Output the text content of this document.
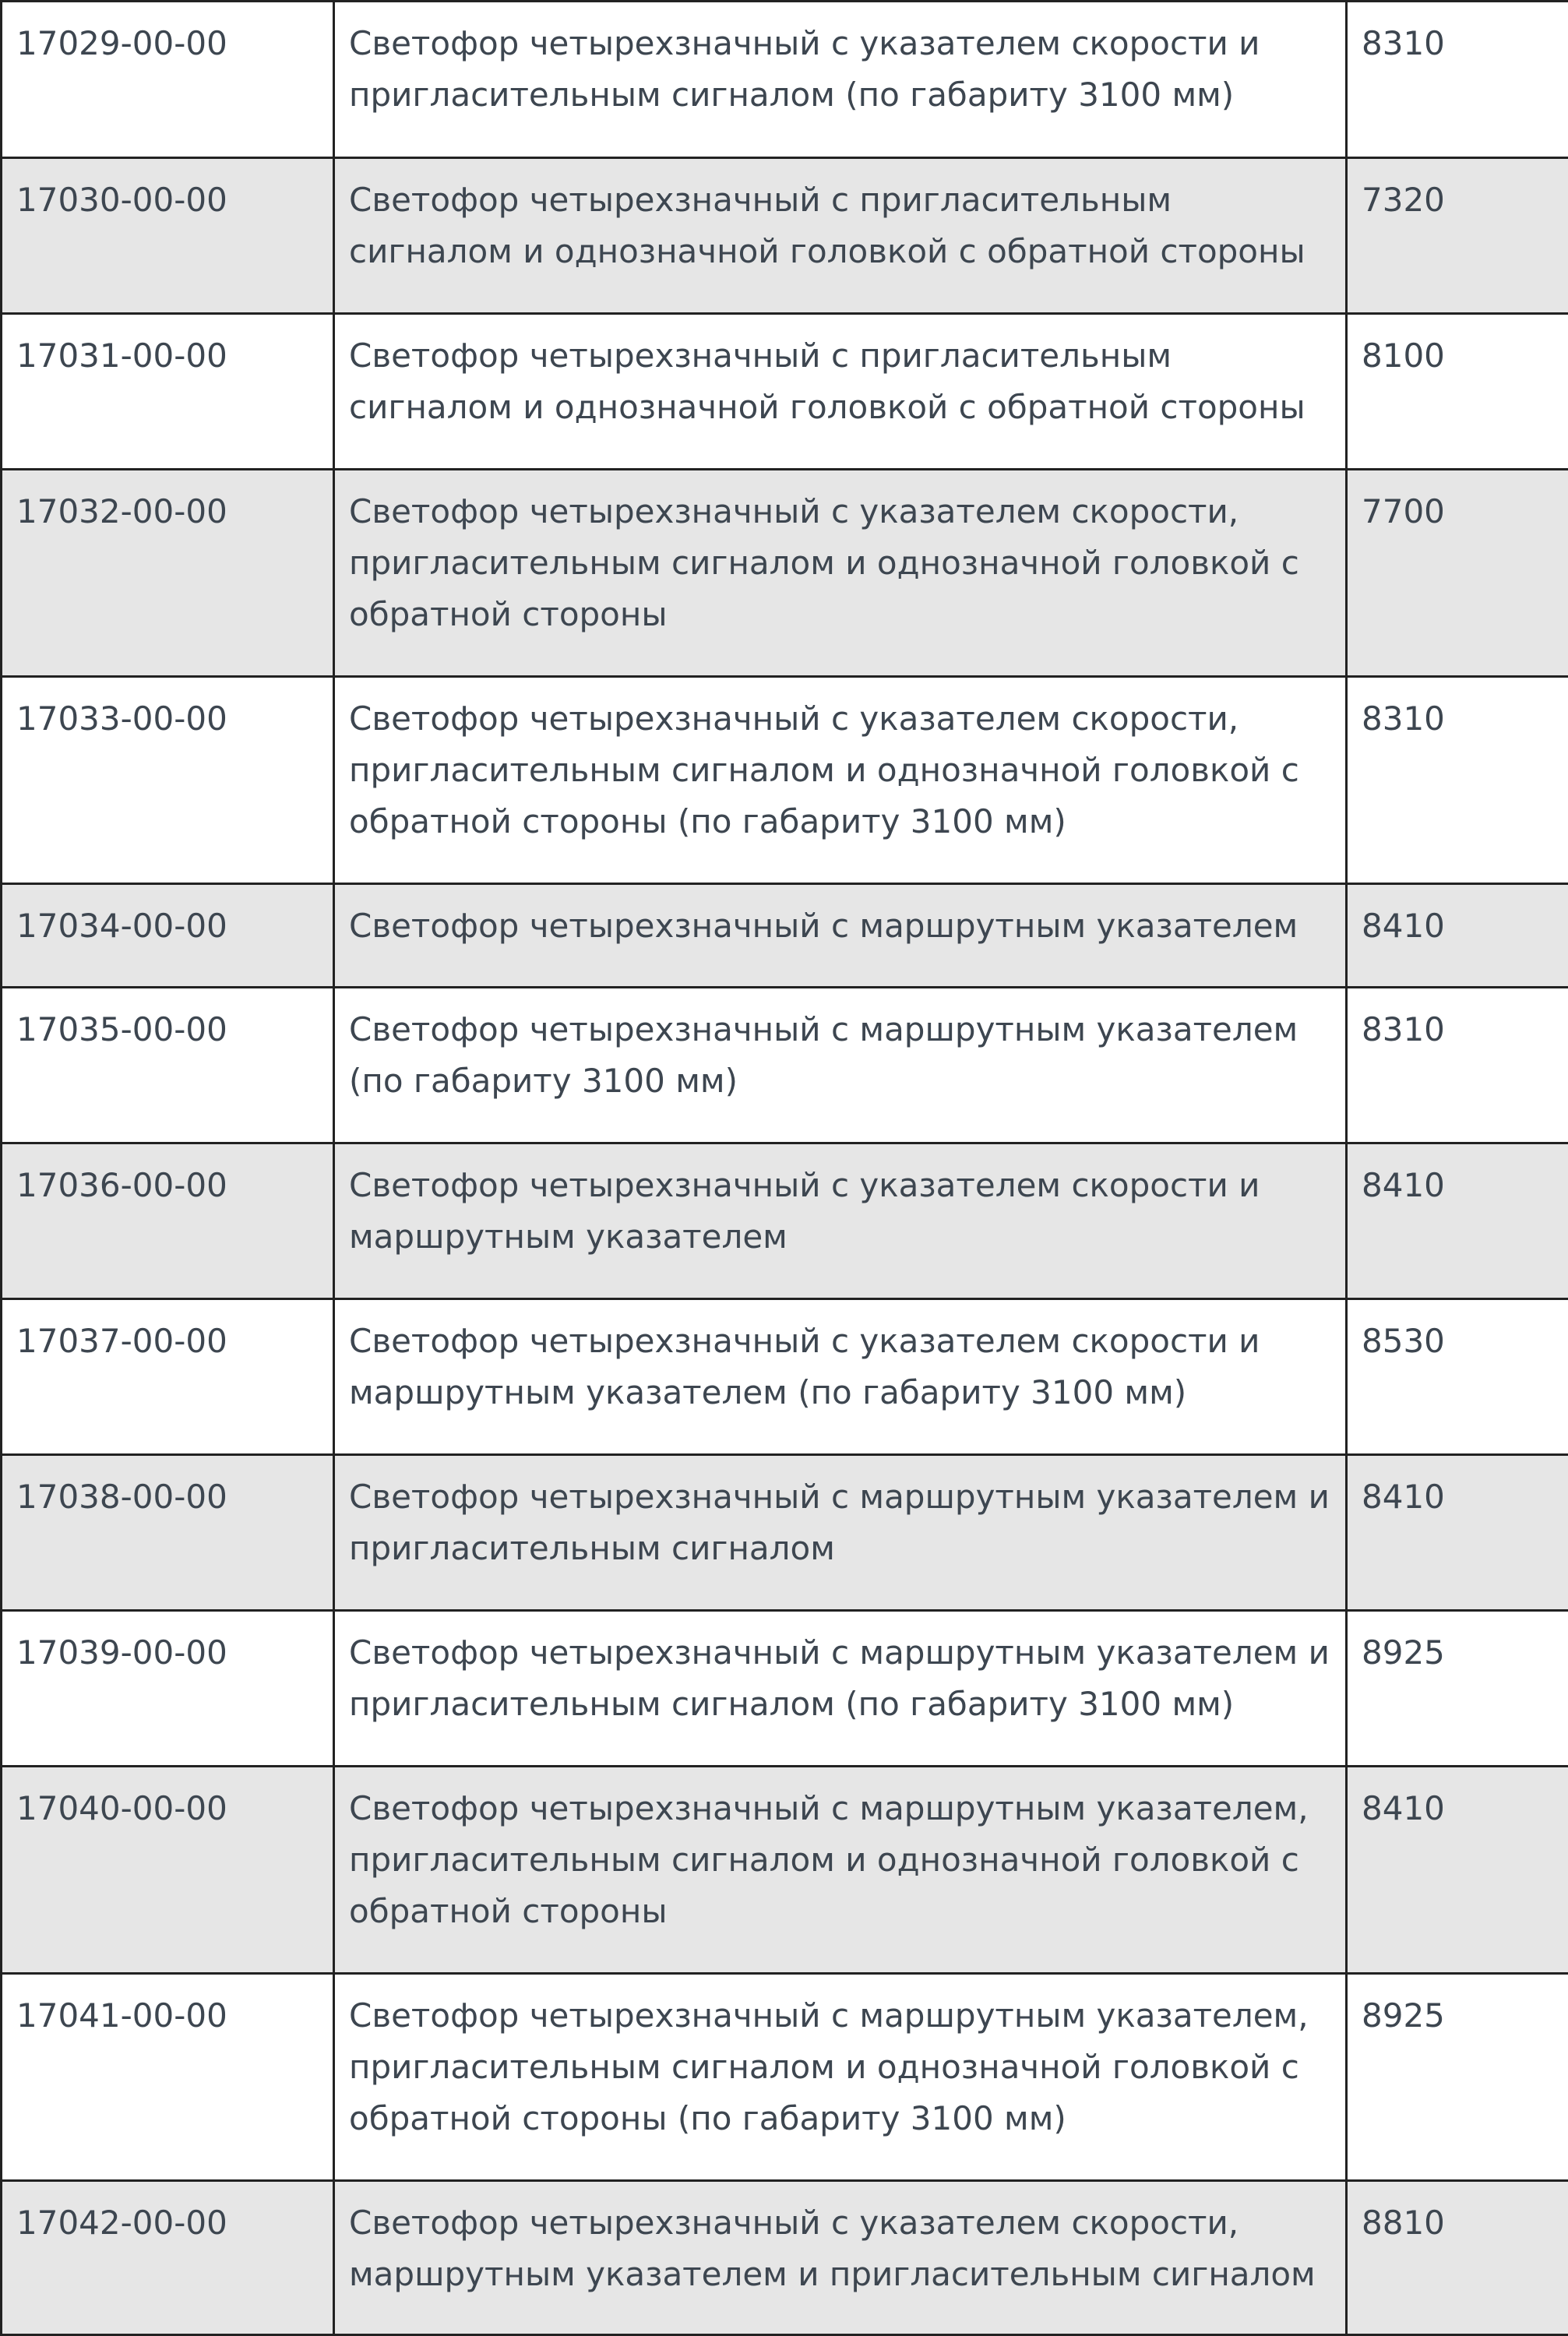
17029-00-00	Светофор четырехзначный с указателем скорости и
пригласительным сигналом (по габариту 3100 мм)	8310
17030-00-00	Светофор четырехзначный с пригласительным
сигналом и однозначной головкой с обратной стороны	7320
17031-00-00	Светофор четырехзначный с пригласительным
сигналом и однозначной головкой с обратной стороны	8100
17032-00-00	Светофор четырехзначный с указателем скорости,
пригласительным сигналом и однозначной головкой с
обратной стороны	7700
17033-00-00	Светофор четырехзначный с указателем скорости,
пригласительным сигналом и однозначной головкой с
обратной стороны (по габариту 3100 мм)	8310
17034-00-00	Светофор четырехзначный с маршрутным указателем	8410
17035-00-00	Светофор четырехзначный с маршрутным указателем
(по габариту 3100 мм)	8310
17036-00-00	Светофор четырехзначный с указателем скорости и
маршрутным указателем	8410
17037-00-00	Светофор четырехзначный с указателем скорости и
маршрутным указателем (по габариту 3100 мм)	8530
17038-00-00	Светофор четырехзначный с маршрутным указателем и
пригласительным сигналом	8410
17039-00-00	Светофор четырехзначный с маршрутным указателем и
пригласительным сигналом (по габариту 3100 мм)	8925
17040-00-00	Светофор четырехзначный с маршрутным указателем,
пригласительным сигналом и однозначной головкой с
обратной стороны	8410
17041-00-00	Светофор четырехзначный с маршрутным указателем,
пригласительным сигналом и однозначной головкой с
обратной стороны (по габариту 3100 мм)	8925
17042-00-00	Светофор четырехзначный с указателем скорости,
маршрутным указателем и пригласительным сигналом	8810
